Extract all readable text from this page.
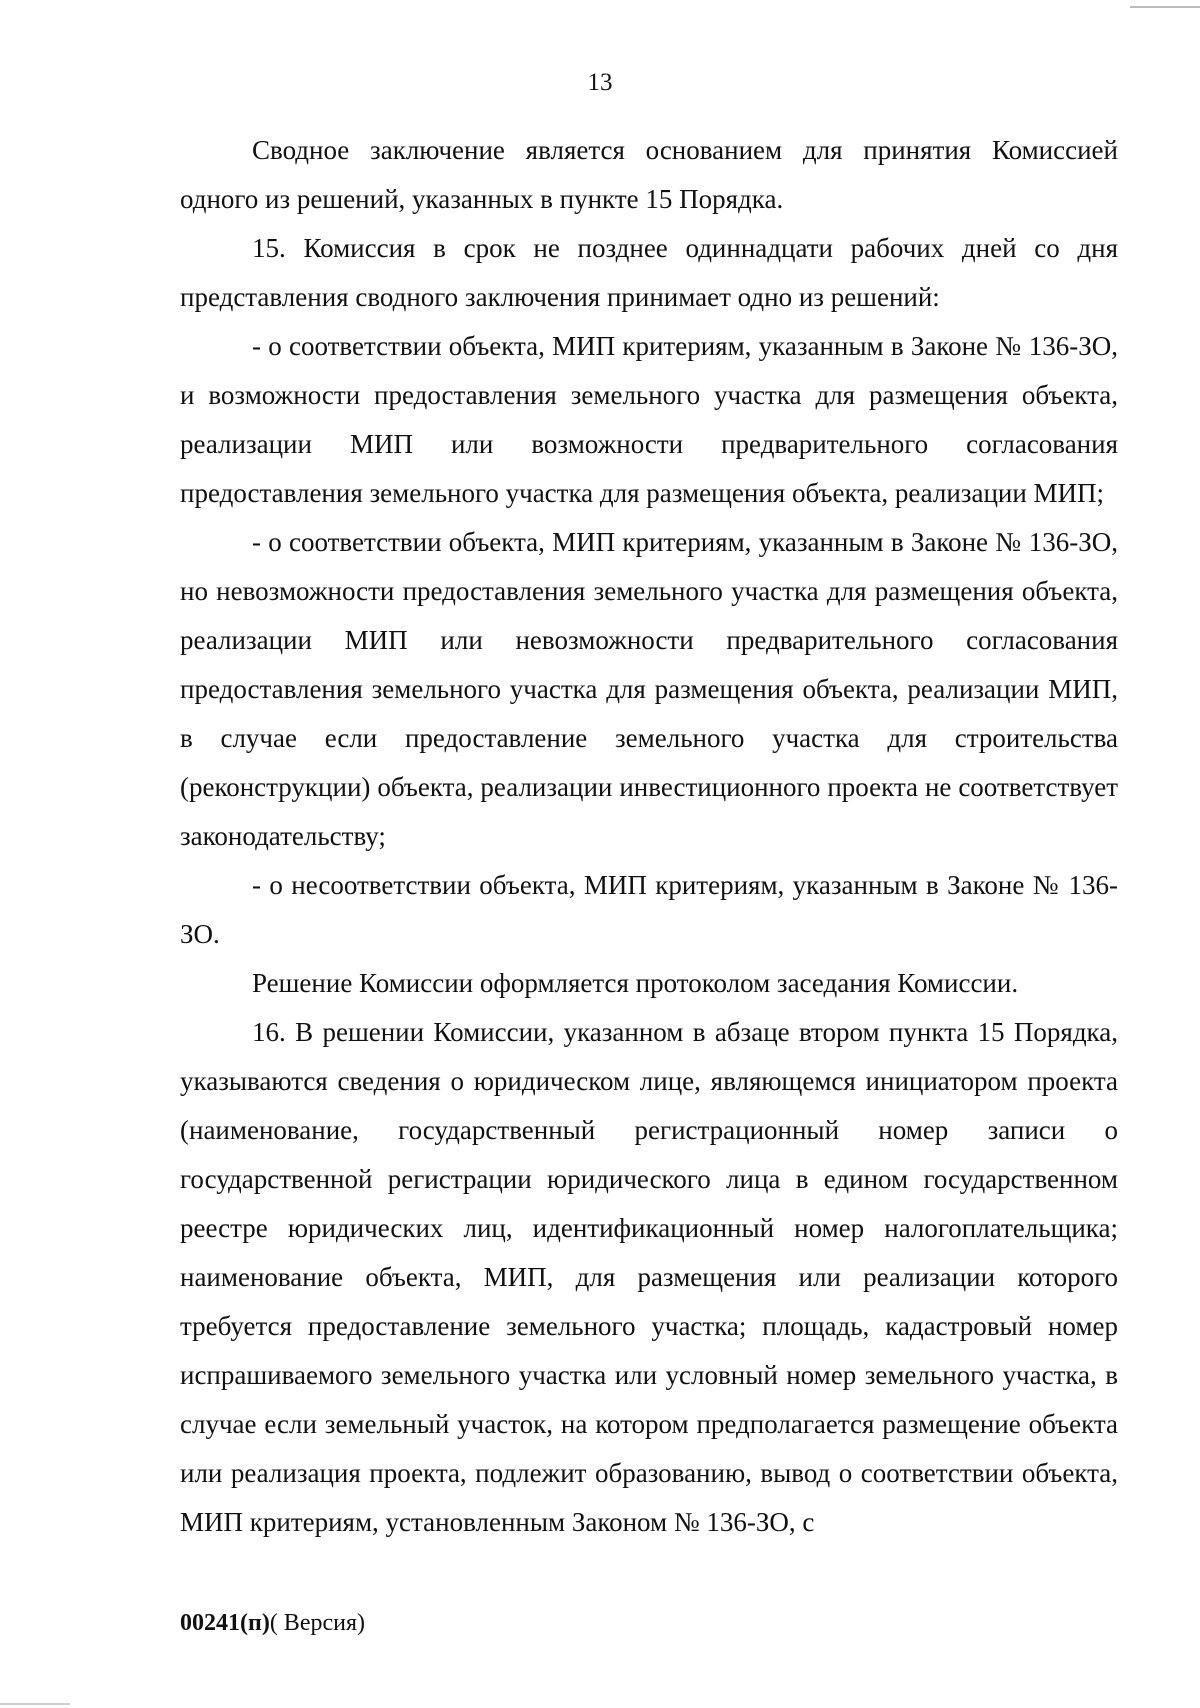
13

Сводное заключение является основанием для принятия Комиссией одного из решений, указанных в пункте 15 Порядка.

15. Комиссия в срок не позднее одиннадцати рабочих дней со дня представления сводного заключения принимает одно из решений:

- о соответствии объекта, МИП критериям, указанным в Законе № 136-ЗО, и возможности предоставления земельного участка для размещения объекта, реализации МИП или возможности предварительного согласования предоставления земельного участка для размещения объекта, реализации МИП;

- о соответствии объекта, МИП критериям, указанным в Законе № 136-ЗО, но невозможности предоставления земельного участка для размещения объекта, реализации МИП или невозможности предварительного согласования предоставления земельного участка для размещения объекта, реализации МИП, в случае если предоставление земельного участка для строительства (реконструкции) объекта, реализации инвестиционного проекта не соответствует законодательству;

- о несоответствии объекта, МИП критериям, указанным в Законе № 136-ЗО.

Решение Комиссии оформляется протоколом заседания Комиссии.

16. В решении Комиссии, указанном в абзаце втором пункта 15 Порядка, указываются сведения о юридическом лице, являющемся инициатором проекта (наименование, государственный регистрационный номер записи о государственной регистрации юридического лица в едином государственном реестре юридических лиц, идентификационный номер налогоплательщика; наименование объекта, МИП, для размещения или реализации которого требуется предоставление земельного участка; площадь, кадастровый номер испрашиваемого земельного участка или условный номер земельного участка, в случае если земельный участок, на котором предполагается размещение объекта или реализация проекта, подлежит образованию, вывод о соответствии объекта, МИП критериям, установленным Законом № 136-ЗО, с

00241(п)( Версия)
